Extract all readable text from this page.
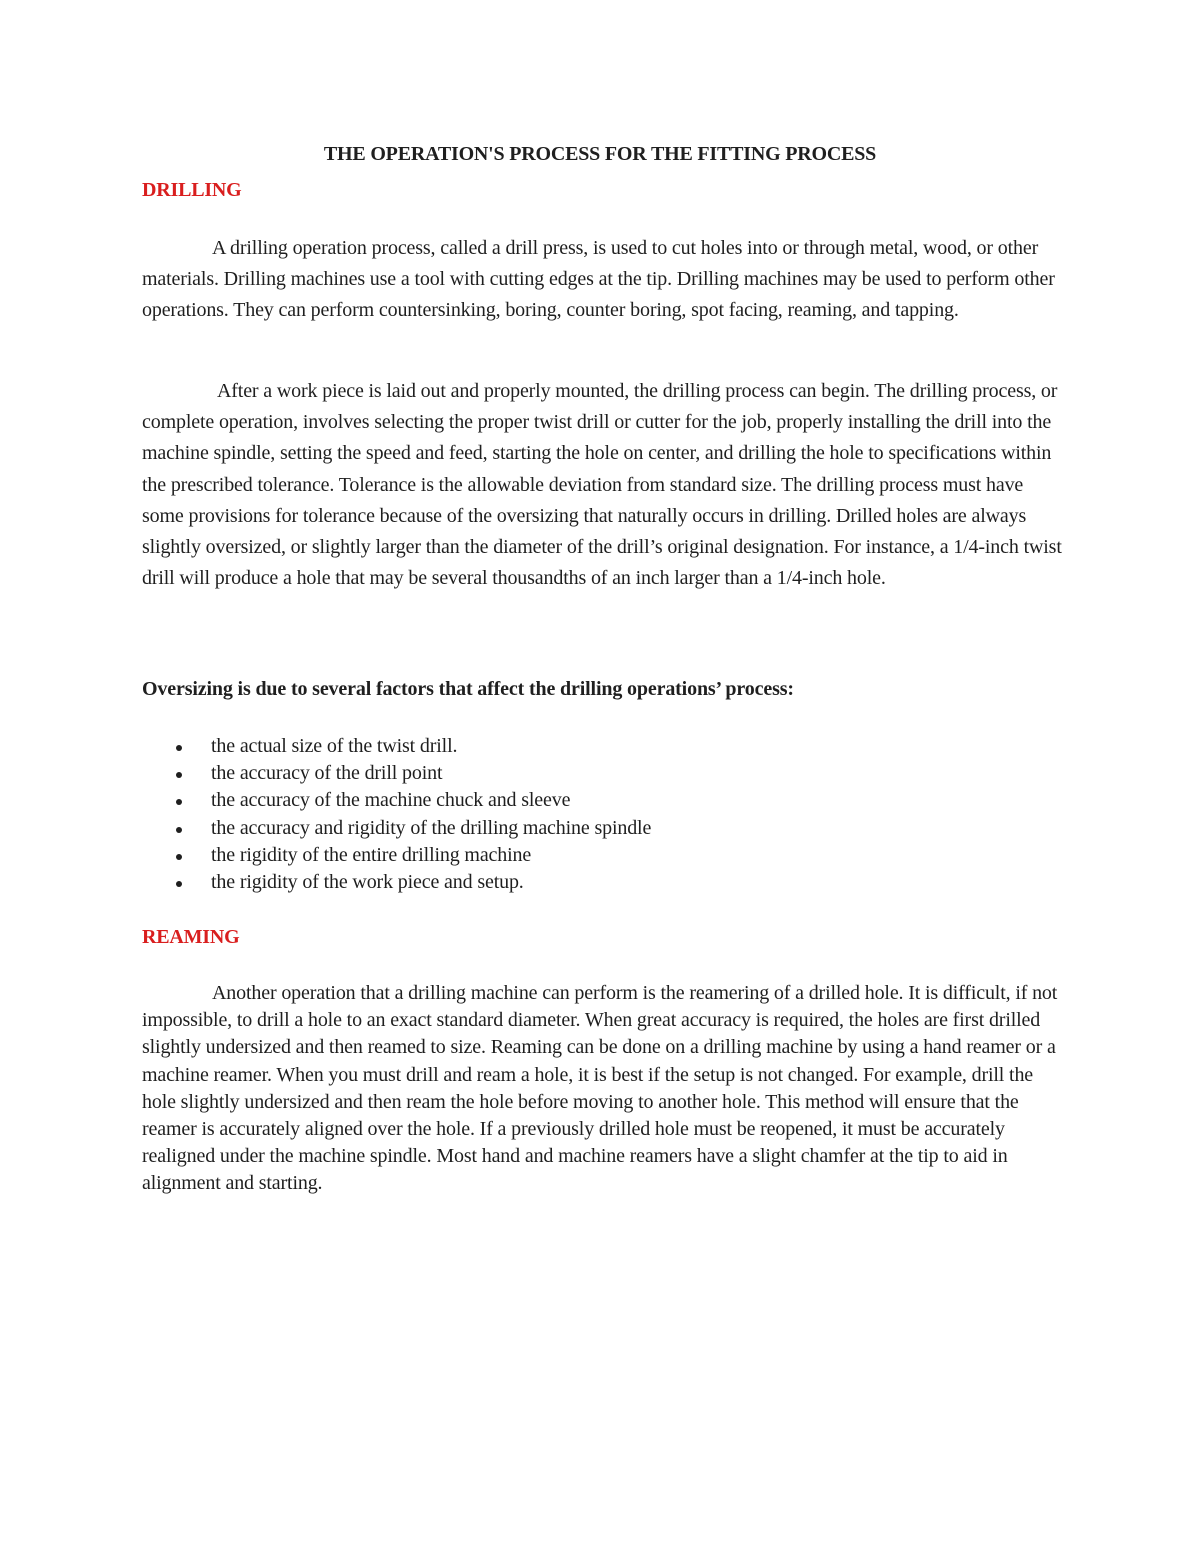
THE OPERATION'S PROCESS FOR THE FITTING PROCESS
DRILLING

A drilling operation process, called a drill press, is used to cut holes into or through metal, wood, or other materials. Drilling machines use a tool with cutting edges at the tip. Drilling machines may be used to perform other operations. They can perform countersinking, boring, counter boring, spot facing, reaming, and tapping.

After a work piece is laid out and properly mounted, the drilling process can begin. The drilling process, or complete operation, involves selecting the proper twist drill or cutter for the job, properly installing the drill into the machine spindle, setting the speed and feed, starting the hole on center, and drilling the hole to specifications within the prescribed tolerance. Tolerance is the allowable deviation from standard size. The drilling process must have some provisions for tolerance because of the oversizing that naturally occurs in drilling. Drilled holes are always slightly oversized, or slightly larger than the diameter of the drill’s original designation. For instance, a 1/4-inch twist drill will produce a hole that may be several thousandths of an inch larger than a 1/4-inch hole.

Oversizing is due to several factors that affect the drilling operations’ process:
the actual size of the twist drill.
the accuracy of the drill point
the accuracy of the machine chuck and sleeve
the accuracy and rigidity of the drilling machine spindle
the rigidity of the entire drilling machine
the rigidity of the work piece and setup.
REAMING

Another operation that a drilling machine can perform is the reamering of a drilled hole. It is difficult, if not impossible, to drill a hole to an exact standard diameter. When great accuracy is required, the holes are first drilled slightly undersized and then reamed to size. Reaming can be done on a drilling machine by using a hand reamer or a machine reamer. When you must drill and ream a hole, it is best if the setup is not changed. For example, drill the hole slightly undersized and then ream the hole before moving to another hole. This method will ensure that the reamer is accurately aligned over the hole. If a previously drilled hole must be reopened, it must be accurately realigned under the machine spindle. Most hand and machine reamers have a slight chamfer at the tip to aid in alignment and starting.
